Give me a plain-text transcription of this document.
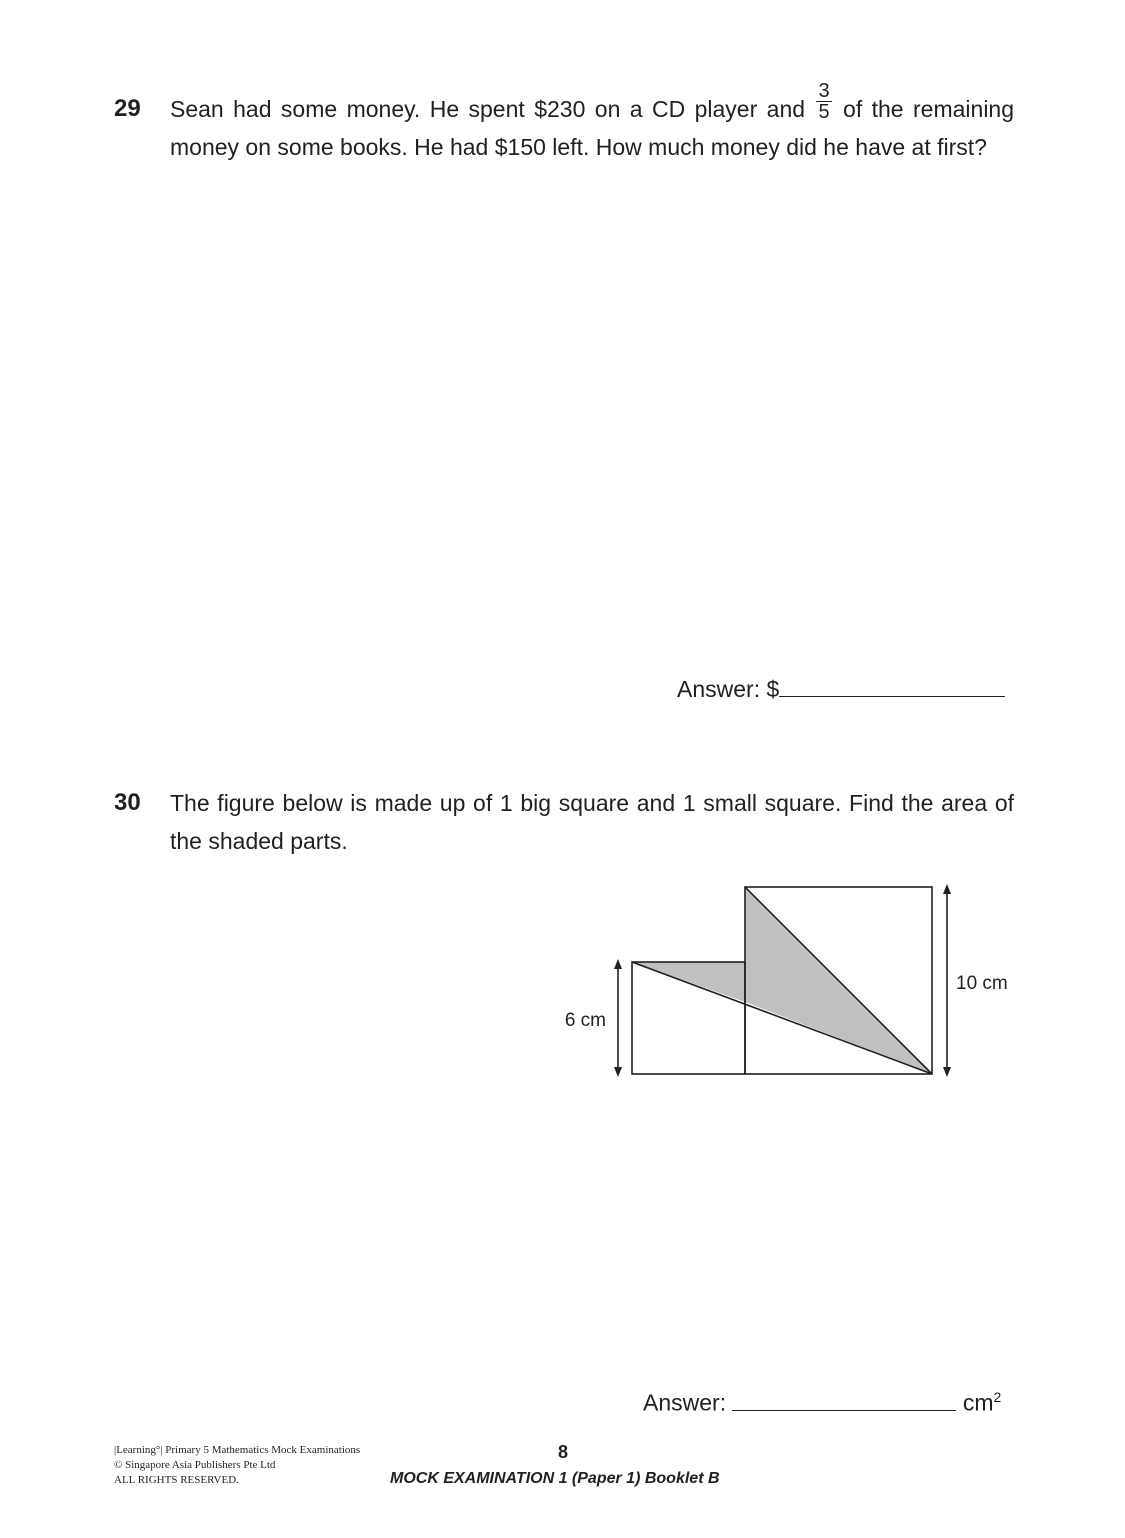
29 Sean had some money. He spent $230 on a CD player and $\frac{3}{5}$ of the remaining money on some books. He had $150 left. How much money did he have at first?
Answer: $
30 The figure below is made up of 1 big square and 1 small square. Find the area of the shaded parts.
6 cm
10 cm
Answer:	$cm^2$
|Learning°| Primary 5 Mathematics Mock Examinations
© Singapore Asia Publishers Pte Ltd
ALL RIGHTS RESERVED.
8
MOCK EXAMINATION 1 (Paper 1) Booklet B
